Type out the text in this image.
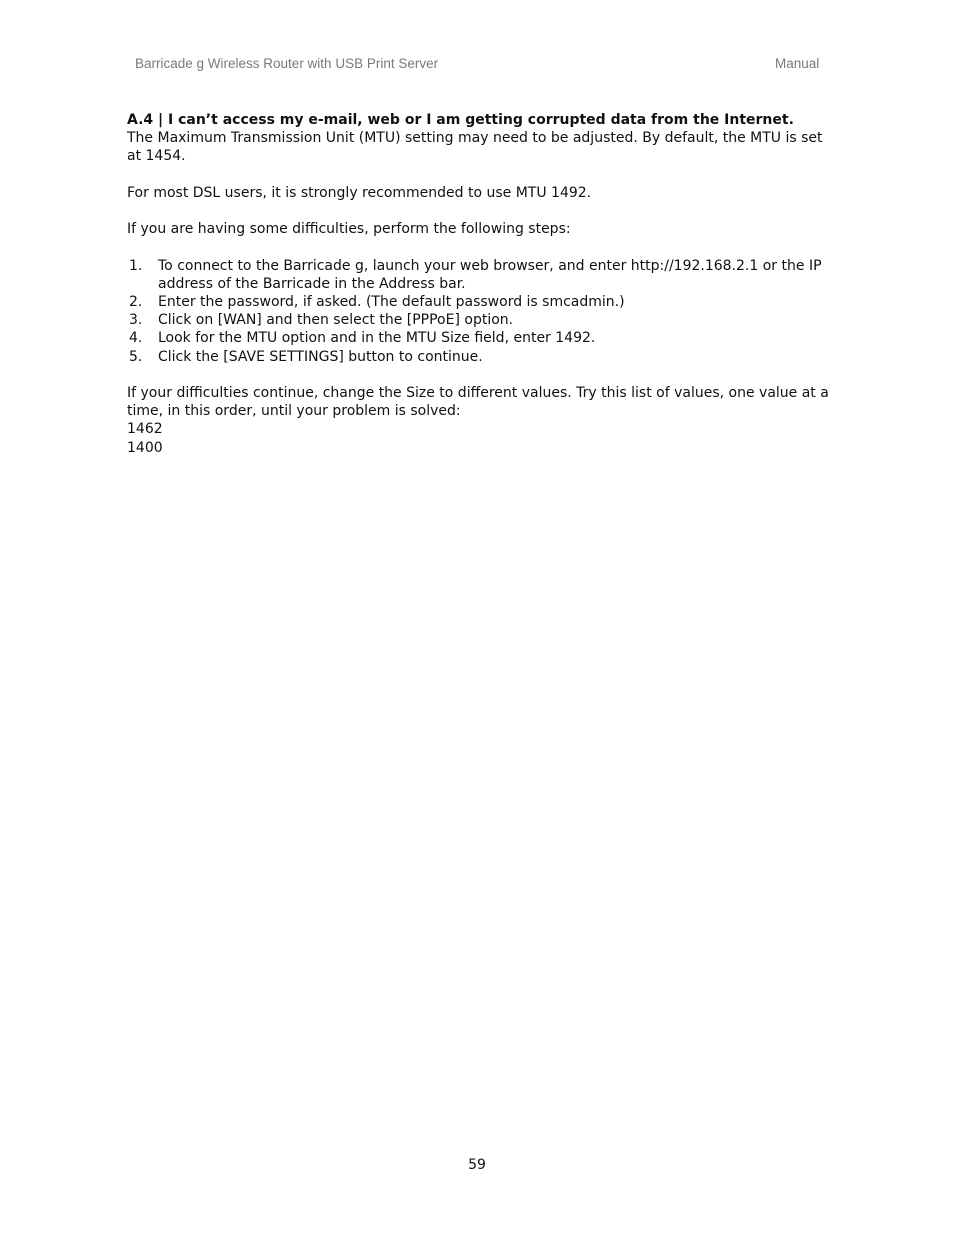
Barricade g Wireless Router with USB Print Server	Manual

A.4 | I can’t access my e-mail, web or I am getting corrupted data from the Internet.

The Maximum Transmission Unit (MTU) setting may need to be adjusted. By default, the MTU is set at 1454.

For most DSL users, it is strongly recommended to use MTU 1492.

If you are having some difficulties, perform the following steps:

1. To connect to the Barricade g, launch your web browser, and enter http://192.168.2.1 or the IP address of the Barricade in the Address bar.
2. Enter the password, if asked. (The default password is smcadmin.)
3. Click on [WAN] and then select the [PPPoE] option.
4. Look for the MTU option and in the MTU Size field, enter 1492.
5. Click the [SAVE SETTINGS] button to continue.

If your difficulties continue, change the Size to different values. Try this list of values, one value at a time, in this order, until your problem is solved:

1462

1400

59
